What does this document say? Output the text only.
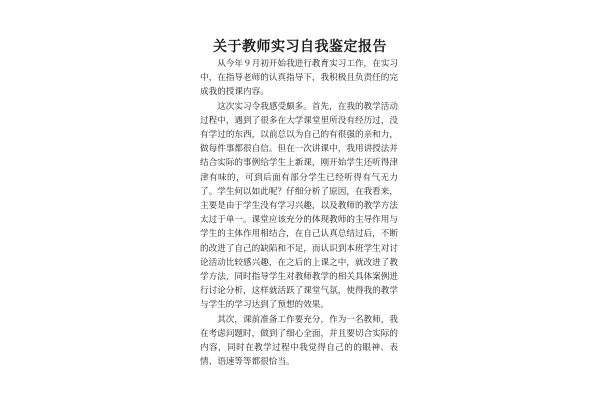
关于教师实习自我鉴定报告

从今年９月初开始我进行教育实习工作，在实习中，在指导老师的认真指导下，我积极且负责任的完成我的授课内容。

这次实习令我感受颇多。首先，在我的教学活动过程中，遇到了很多在大学课堂里所没有经历过，没有学过的东西，以前总以为自己的有很强的亲和力，做每件事都很自信。但在一次讲课中，我用讲授法并结合实际的事例给学生上新课，刚开始学生还听得津津有味的，可到后面有部分学生已经听得有气无力了。学生何以如此呢？仔细分析了原因，在我看来，主要是由于学生没有学习兴趣，以及教师的教学方法太过于单一。课堂应该充分的体现教师的主导作用与学生的主体作用相结合，在自己认真总结过后，不断的改进了自己的缺陷和不足，而认识到本班学生对讨论活动比较感兴趣，在之后的上课之中，就改进了教学方法，同时指导学生对教师教学的相关具体案例进行讨论分析，这样就活跃了课堂气氛，使得我的教学与学生的学习达到了预想的效果。

其次，课前准备工作要充分，作为一名教师，我在考虑问题时，做到了细心全面，并且要切合实际的内容，同时在教学过程中我觉得自己的的眼神、表情、语速等等都很恰当。
